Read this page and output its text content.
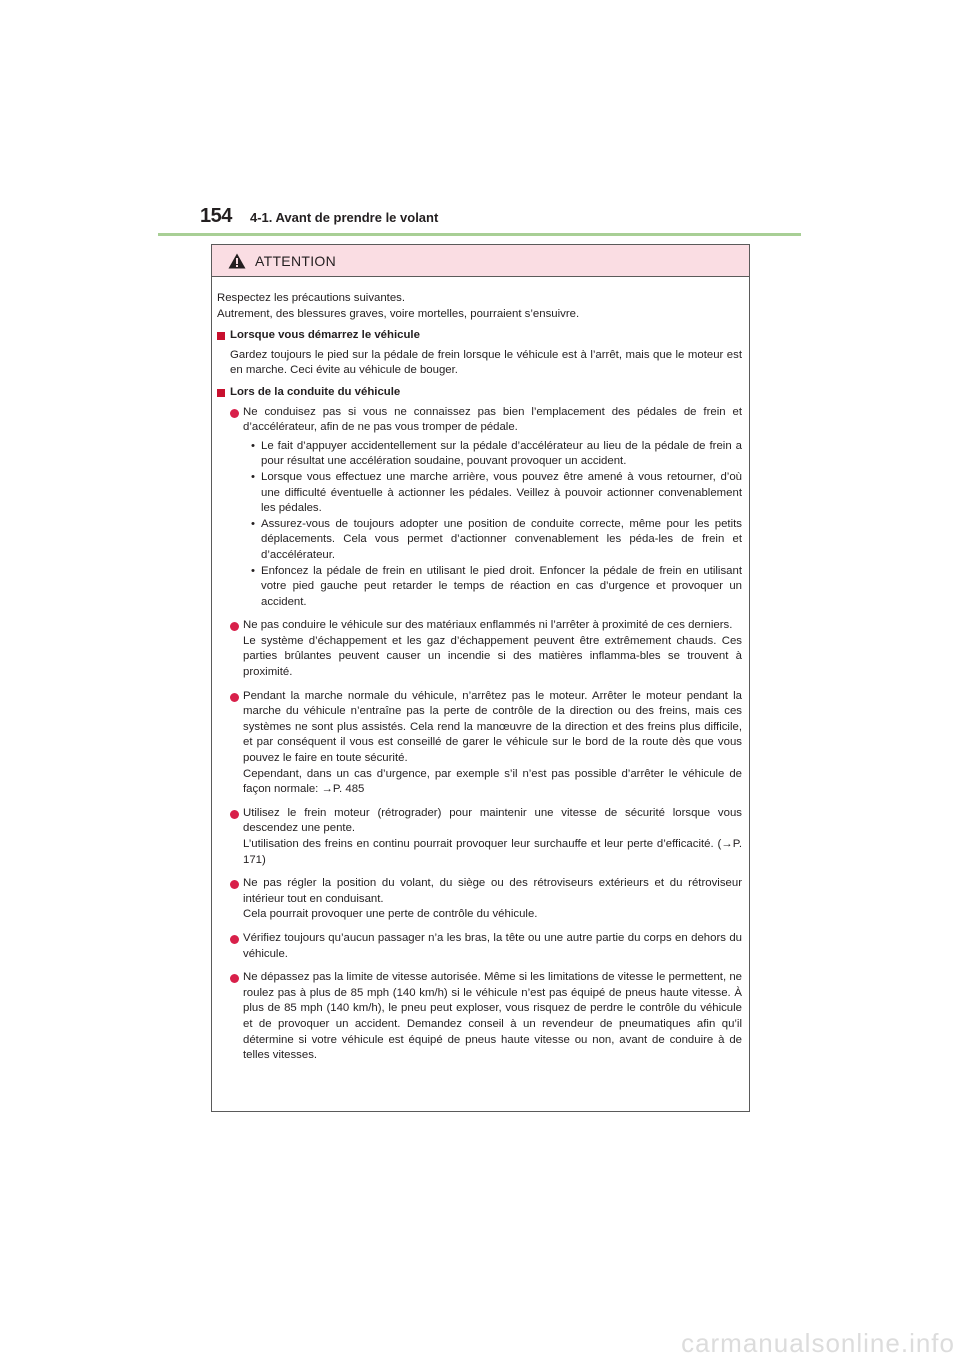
154 4-1. Avant de prendre le volant
ATTENTION

Respectez les précautions suivantes.

Autrement, des blessures graves, voire mortelles, pourraient s’ensuivre.

Lorsque vous démarrez le véhicule

Gardez toujours le pied sur la pédale de frein lorsque le véhicule est à l’arrêt, mais que le moteur est en marche. Ceci évite au véhicule de bouger.

Lors de la conduite du véhicule

Ne conduisez pas si vous ne connaissez pas bien l’emplacement des pédales de frein et d’accélérateur, afin de ne pas vous tromper de pédale.

• Le fait d’appuyer accidentellement sur la pédale d’accélérateur au lieu de la pédale de frein a pour résultat une accélération soudaine, pouvant provoquer un accident.

• Lorsque vous effectuez une marche arrière, vous pouvez être amené à vous retourner, d’où une difficulté éventuelle à actionner les pédales. Veillez à pouvoir actionner convenablement les pédales.

• Assurez-vous de toujours adopter une position de conduite correcte, même pour les petits déplacements. Cela vous permet d’actionner convenablement les péda-les de frein et d’accélérateur.

• Enfoncez la pédale de frein en utilisant le pied droit. Enfoncer la pédale de frein en utilisant votre pied gauche peut retarder le temps de réaction en cas d’urgence et provoquer un accident.

Ne pas conduire le véhicule sur des matériaux enflammés ni l’arrêter à proximité de ces derniers.

Le système d’échappement et les gaz d’échappement peuvent être extrêmement chauds. Ces parties brûlantes peuvent causer un incendie si des matières inflamma-bles se trouvent à proximité.

Pendant la marche normale du véhicule, n’arrêtez pas le moteur. Arrêter le moteur pendant la marche du véhicule n’entraîne pas la perte de contrôle de la direction ou des freins, mais ces systèmes ne sont plus assistés. Cela rend la manœuvre de la direction et des freins plus difficile, et par conséquent il vous est conseillé de garer le véhicule sur le bord de la route dès que vous pouvez le faire en toute sécurité.

Cependant, dans un cas d’urgence, par exemple s’il n’est pas possible d’arrêter le véhicule de façon normale: →P. 485

Utilisez le frein moteur (rétrograder) pour maintenir une vitesse de sécurité lorsque vous descendez une pente.

L’utilisation des freins en continu pourrait provoquer leur surchauffe et leur perte d’efficacité. (→P. 171)

Ne pas régler la position du volant, du siège ou des rétroviseurs extérieurs et du rétroviseur intérieur tout en conduisant.

Cela pourrait provoquer une perte de contrôle du véhicule.

Vérifiez toujours qu’aucun passager n’a les bras, la tête ou une autre partie du corps en dehors du véhicule.

Ne dépassez pas la limite de vitesse autorisée. Même si les limitations de vitesse le permettent, ne roulez pas à plus de 85 mph (140 km/h) si le véhicule n’est pas équipé de pneus haute vitesse. À plus de 85 mph (140 km/h), le pneu peut exploser, vous risquez de perdre le contrôle du véhicule et de provoquer un accident. Demandez conseil à un revendeur de pneumatiques afin qu’il détermine si votre véhicule est équipé de pneus haute vitesse ou non, avant de conduire à de telles vitesses.

carmanualsonline.info
